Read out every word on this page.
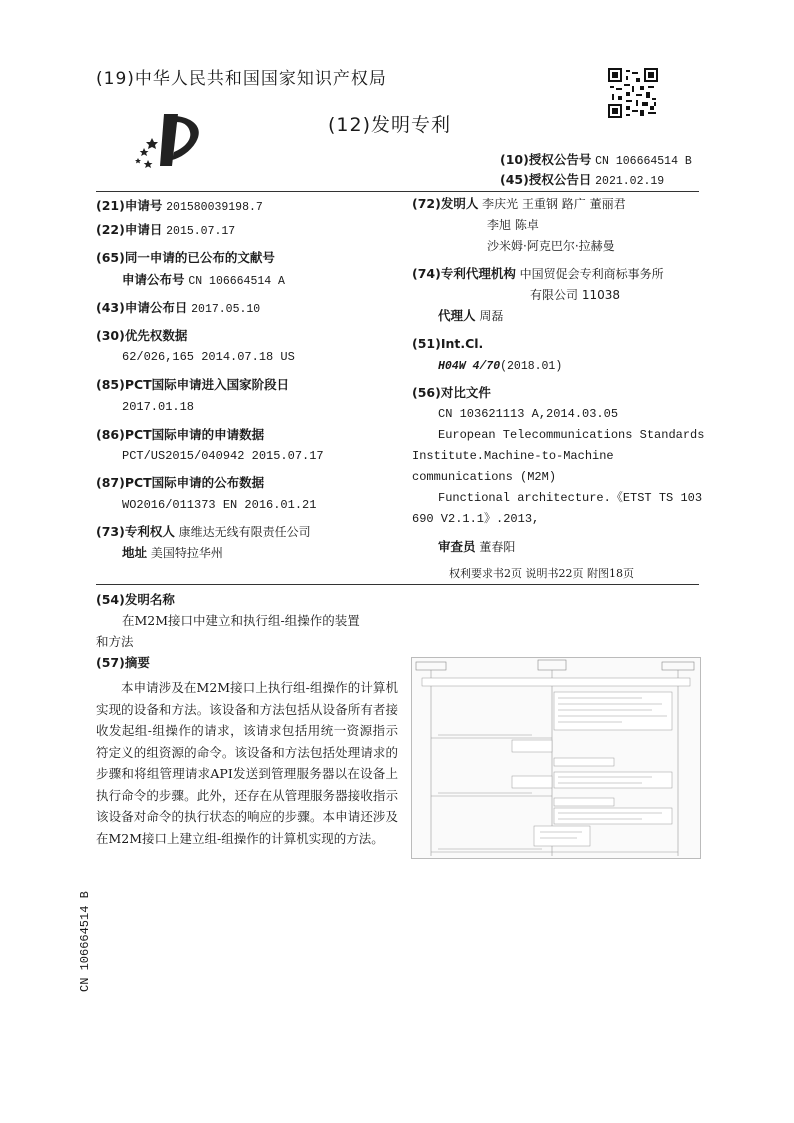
(19)中华人民共和国国家知识产权局
(12)发明专利
(10)授权公告号 CN 106664514 B
(45)授权公告日 2021.02.19
(21)申请号 201580039198.7
(22)申请日 2015.07.17
(65)同一申请的已公布的文献号
申请公布号 CN 106664514 A
(43)申请公布日 2017.05.10
(30)优先权数据
62/026,165 2014.07.18 US
(85)PCT国际申请进入国家阶段日
2017.01.18
(86)PCT国际申请的申请数据
PCT/US2015/040942 2015.07.17
(87)PCT国际申请的公布数据
WO2016/011373 EN 2016.01.21
(73)专利权人 康维达无线有限责任公司
地址 美国特拉华州
(72)发明人 李庆光 王重钢 路广 董丽君
李旭 陈卓
沙米姆·阿克巴尔·拉赫曼
(74)专利代理机构 中国贸促会专利商标事务所
有限公司 11038
代理人 周磊
(51)Int.Cl.
H04W 4/70(2018.01)
(56)对比文件
CN 103621113 A,2014.03.05
European Telecommunications Standards
Institute.Machine-to-Machine
communications (M2M)
Functional architecture.《ETST TS 103
690 V2.1.1》.2013,
审查员 董春阳
权利要求书2页 说明书22页 附图18页
(54)发明名称
在M2M接口中建立和执行组-组操作的装置
和方法
(57)摘要
本申请涉及在M2M接口上执行组-组操作的计算机实现的设备和方法。该设备和方法包括从设备所有者接收发起组-组操作的请求，该请求包括用统一资源指示符定义的组资源的命令。该设备和方法包括处理请求的步骤和将组管理请求API发送到管理服务器以在设备上执行命令的步骤。此外，还存在从管理服务器接收指示该设备对命令的执行状态的响应的步骤。本申请还涉及在M2M接口上建立组-组操作的计算机实现的方法。
CN 106664514 B
